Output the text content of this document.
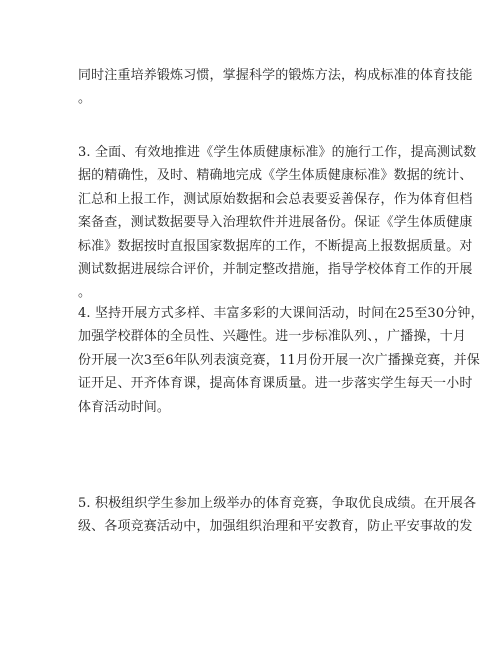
同时注重培养锻炼习惯，掌握科学的锻炼方法，构成标准的体育技能
。

3. 全面、有效地推进《学生体质健康标准》的施行工作，提高测试数
据的精确性，及时、精确地完成《学生体质健康标准》数据的统计、
汇总和上报工作，测试原始数据和会总表要妥善保存，作为体育但档
案备查，测试数据要导入治理软件并进展备份。保证《学生体质健康
标准》数据按时直报国家数据库的工作，不断提高上报数据质量。对
测试数据进展综合评价，并制定整改措施，指导学校体育工作的开展
。

4. 坚持开展方式多样、丰富多彩的大课间活动，时间在25至30分钟，
加强学校群体的全员性、兴趣性。进一步标准队列、，广播操，十月
份开展一次3至6年队列表演竞赛，11月份开展一次广播操竞赛，并保
证开足、开齐体育课，提高体育课质量。进一步落实学生每天一小时
体育活动时间。

5. 积极组织学生参加上级举办的体育竞赛，争取优良成绩。在开展各
级、各项竞赛活动中，加强组织治理和平安教育，防止平安事故的发
